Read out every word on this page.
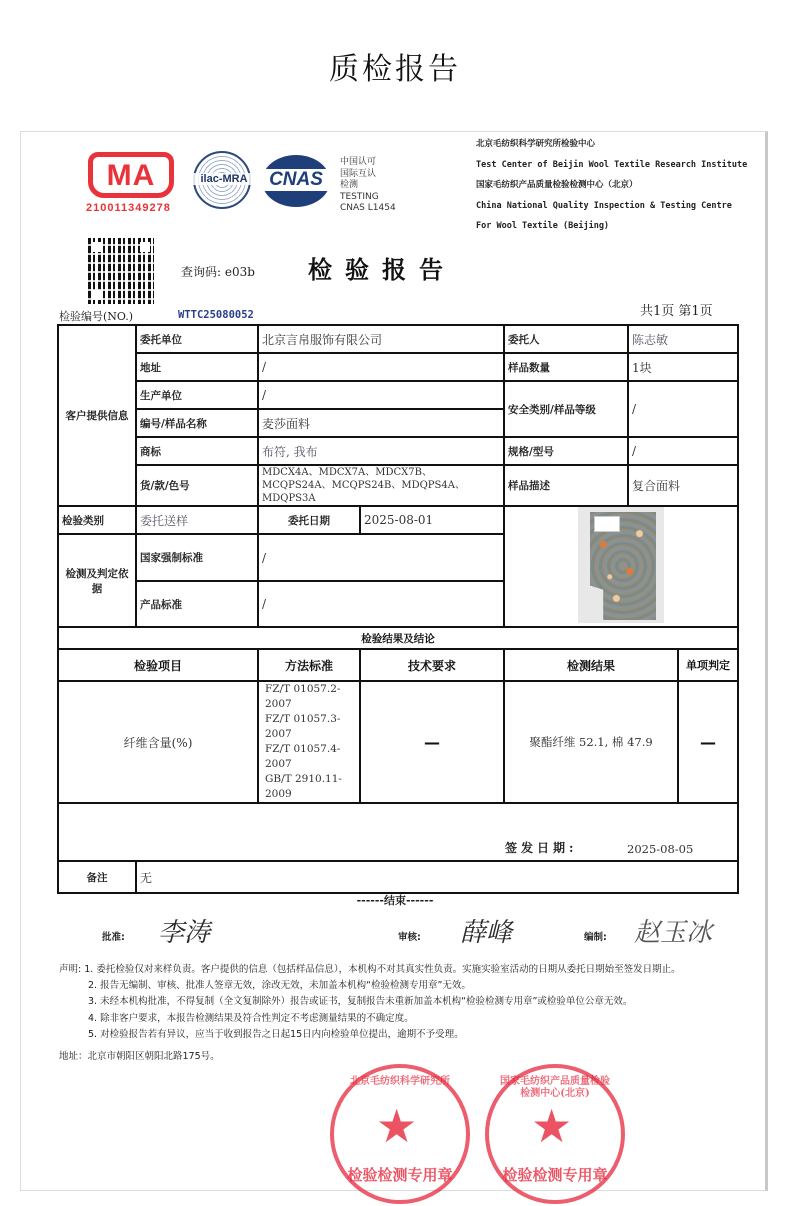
质检报告
MA
210011349278
ilac-MRA	CNAS
中国认可
国际互认
检测
TESTING
CNAS L1454
北京毛纺织科学研究所检验中心
Test Center of Beijin Wool Textile Research Institute
国家毛纺织产品质量检验检测中心（北京）
China National Quality Inspection & Testing Centre
For Wool Textile (Beijing)
查询码: e03b 检验报告
检验编号(NO.)	WTTC25080052	共1页 第1页
客户提供信息	委托单位	北京言帛服饰有限公司		委托人	陈志敏	
	地址	/		样品数量	1块	
	生产单位	/		安全类别/样品等级	/	
	编号/样品名称	麦莎面料				
	商标	布符, 我布		规格/型号	/	
	货/款/色号	MDCX4A、MDCX7A、MDCX7B、MCQPS24A、MCQPS24B、MDQPS4A、MDQPS3A		样品描述	复合面料	
检验类别	委托送样	委托日期	2025-08-01			

检测及判定依据	国家强制标准	/				
	产品标准	/				
检验结果及结论						
检验项目		方法标准	技术要求	检测结果		单项判定
纤维含量(%)		FZ/T 01057.2-2007
FZ/T 01057.3-2007
FZ/T 01057.4-2007
GB/T 2910.11-2009	—	聚酯纤维 52.1, 棉 47.9		—

签发日期: 2025-08-05						

备注	无					
------结束------
批准: 李涛	审核: 薛峰	编制: 赵玉冰
声明: 1. 委托检验仅对来样负责。客户提供的信息（包括样品信息），本机构不对其真实性负责。实施实验室活动的日期从委托日期始至签发日期止。
2. 报告无编制、审核、批准人签章无效，涂改无效，未加盖本机构“检验检测专用章”无效。
3. 未经本机构批准，不得复制（全文复制除外）报告或证书，复制报告未重新加盖本机构“检验检测专用章”或检验单位公章无效。
4. 除非客户要求，本报告检测结果及符合性判定不考虑测量结果的不确定度。
5. 对检验报告若有异议，应当于收到报告之日起15日内向检验单位提出，逾期不予受理。
地址：北京市朝阳区朝阳北路175号。
北京毛纺织科学研究所
★
检验检测专用章
国家毛纺织产品质量检验检测中心(北京)
★
检验检测专用章
